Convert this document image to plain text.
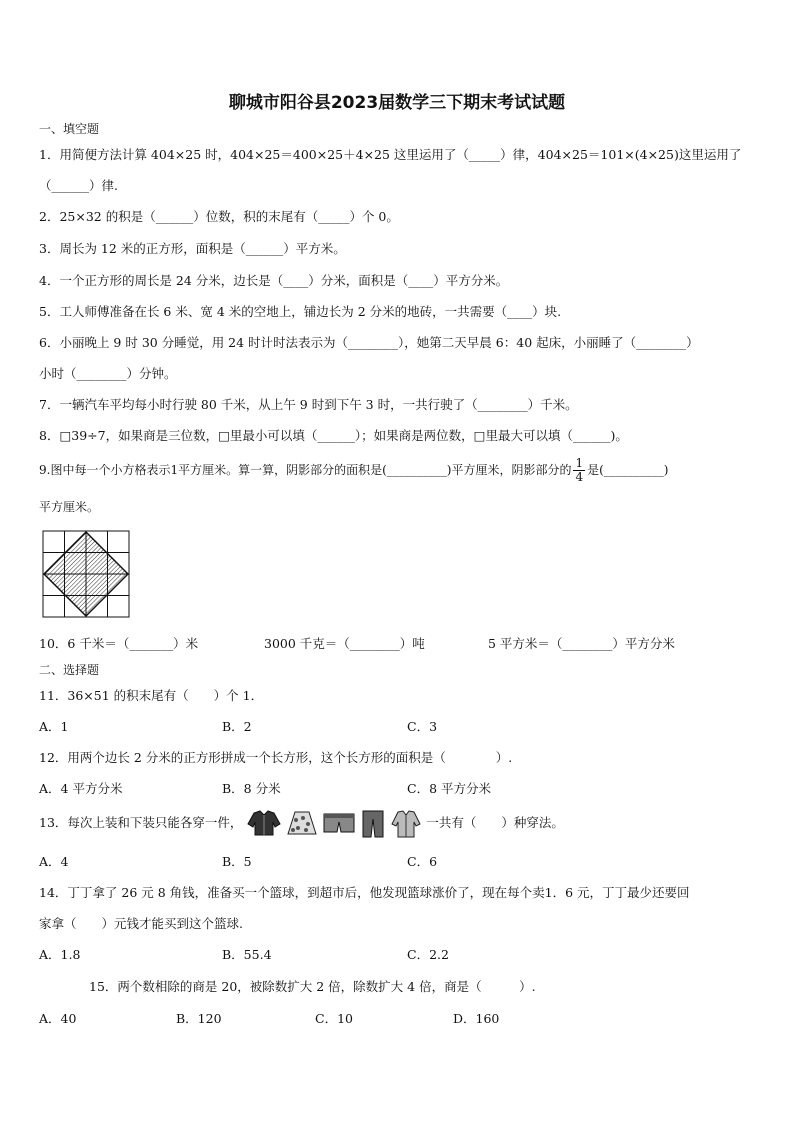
聊城市阳谷县2023届数学三下期末考试试题
一、填空题
1．用简便方法计算 404×25 时，404×25＝400×25＋4×25 这里运用了（_____）律，404×25＝101×(4×25)这里运用了
（______）律.
2．25×32 的积是（______）位数，积的末尾有（_____）个 0。
3．周长为 12 米的正方形，面积是（______）平方米。
4．一个正方形的周长是 24 分米，边长是（____）分米，面积是（____）平方分米。
5．工人师傅准备在长 6 米、宽 4 米的空地上，铺边长为 2 分米的地砖，一共需要（____）块.
6．小丽晚上 9 时 30 分睡觉，用 24 时计时法表示为（________），她第二天早晨 6：40 起床，小丽睡了（________）
小时（________）分钟。
7．一辆汽车平均每小时行驶 80 千米，从上午 9 时到下午 3 时，一共行驶了（________）千米。
8．□39÷7，如果商是三位数，□里最小可以填（______）；如果商是两位数，□里最大可以填（______)。
9.图中每一个小方格表示1平方厘米。算一算，阴影部分的面积是(__________)平方厘米，阴影部分的 $\frac{1}{4}$ 是(__________)
平方厘米。
10．6 千米＝（_______）米	3000 千克＝（________）吨	5 平方米＝（________）平方分米
二、选择题
11．36×51 的积末尾有（　　）个 1．
A．1	B．2	C．3
12．用两个边长 2 分米的正方形拼成一个长方形，这个长方形的面积是（　　　　）.
A．4 平方分米	B．8 分米	C．8 平方分米
13．每次上装和下装只能各穿一件，	一共有（　　）种穿法。
A．4	B．5	C．6
14．丁丁拿了 26 元 8 角钱，准备买一个篮球，到超市后，他发现篮球涨价了，现在每个卖1．6 元，丁丁最少还要回
家拿（　　）元钱才能买到这个篮球.
A．1.8	B．55.4	C．2.2
15．两个数相除的商是 20，被除数扩大 2 倍，除数扩大 4 倍，商是（　　　）.
A．40	B．120	C．10	D．160
